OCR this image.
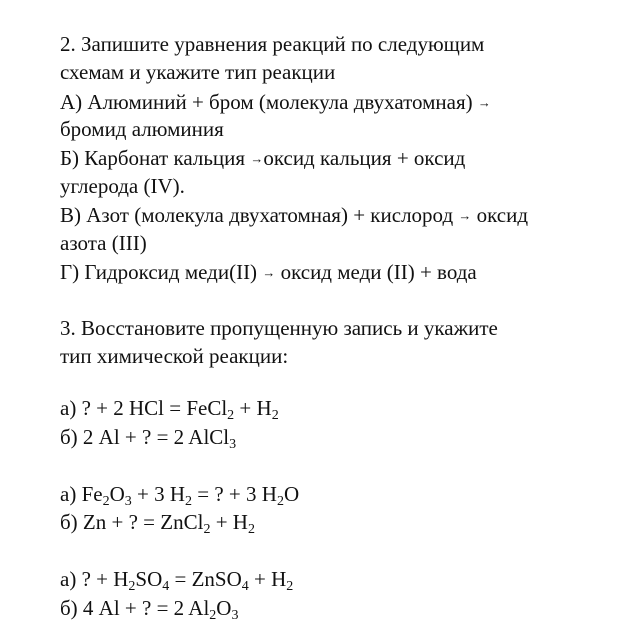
2. Запишите уравнения реакций по следующим
схемам и укажите тип реакции
А) Алюминий + бром (молекула двухатомная) →
бромид алюминия
Б) Карбонат кальция →оксид кальция + оксид
углерода (IV).
В) Азот (молекула двухатомная) + кислород → оксид
азота (III)
Г) Гидроксид меди(II) → оксид меди (II) + вода
3. Восстановите пропущенную запись и укажите
тип химической реакции:
а) ? + 2 HCl = FeCl$_2$ + $H_2$
б) 2 Al + ? = 2 AlCl$_3$
а) $Fe_2O_3 + 3$ $H_2$ = ? + 3 $H_2O$
б) Zn + ? = ZnCl$_2$ + $H_2$
а) ? + $H_2SO_4$ = ZnSO$_4$ + $H_2$
б) 4 Al + ? = 2 $Al_2O_3$
